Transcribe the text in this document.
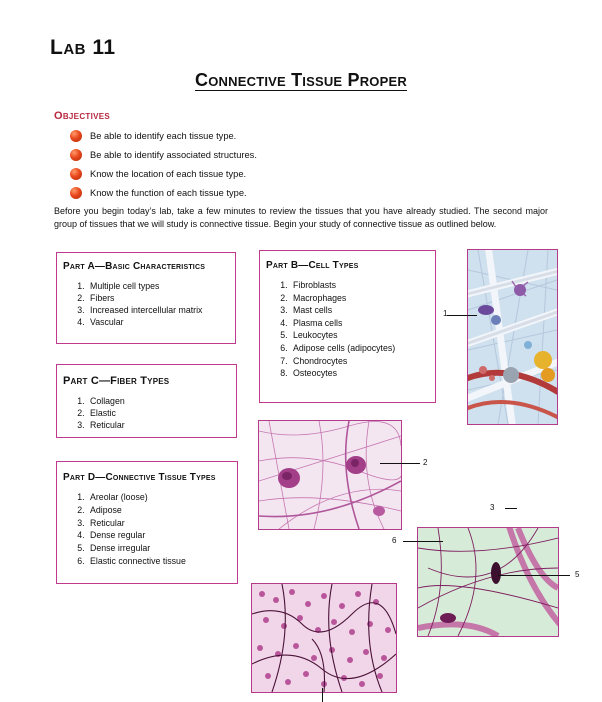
Lab 11
Connective Tissue Proper
Objectives
Be able to identify each tissue type.
Be able to identify associated structures.
Know the location of each tissue type.
Know the function of each tissue type.
Before you begin today’s lab, take a few minutes to review the tissues that you have already studied. The second major group of tissues that we will study is connective tissue. Begin your study of connective tissue as outlined below.
Part A—Basic Characteristics
1. Multiple cell types
2. Fibers
3. Increased intercellular matrix
4. Vascular
Part B—Cell Types
1. Fibroblasts
2. Macrophages
3. Mast cells
4. Plasma cells
5. Leukocytes
6. Adipose cells (adipocytes)
7. Chondrocytes
8. Osteocytes
Part C—Fiber Types
1. Collagen
2. Elastic
3. Reticular
Part D—Connective Tissue Types
1. Areolar (loose)
2. Adipose
3. Reticular
4. Dense regular
5. Dense irregular
6. Elastic connective tissue
1
2
3
5
6
